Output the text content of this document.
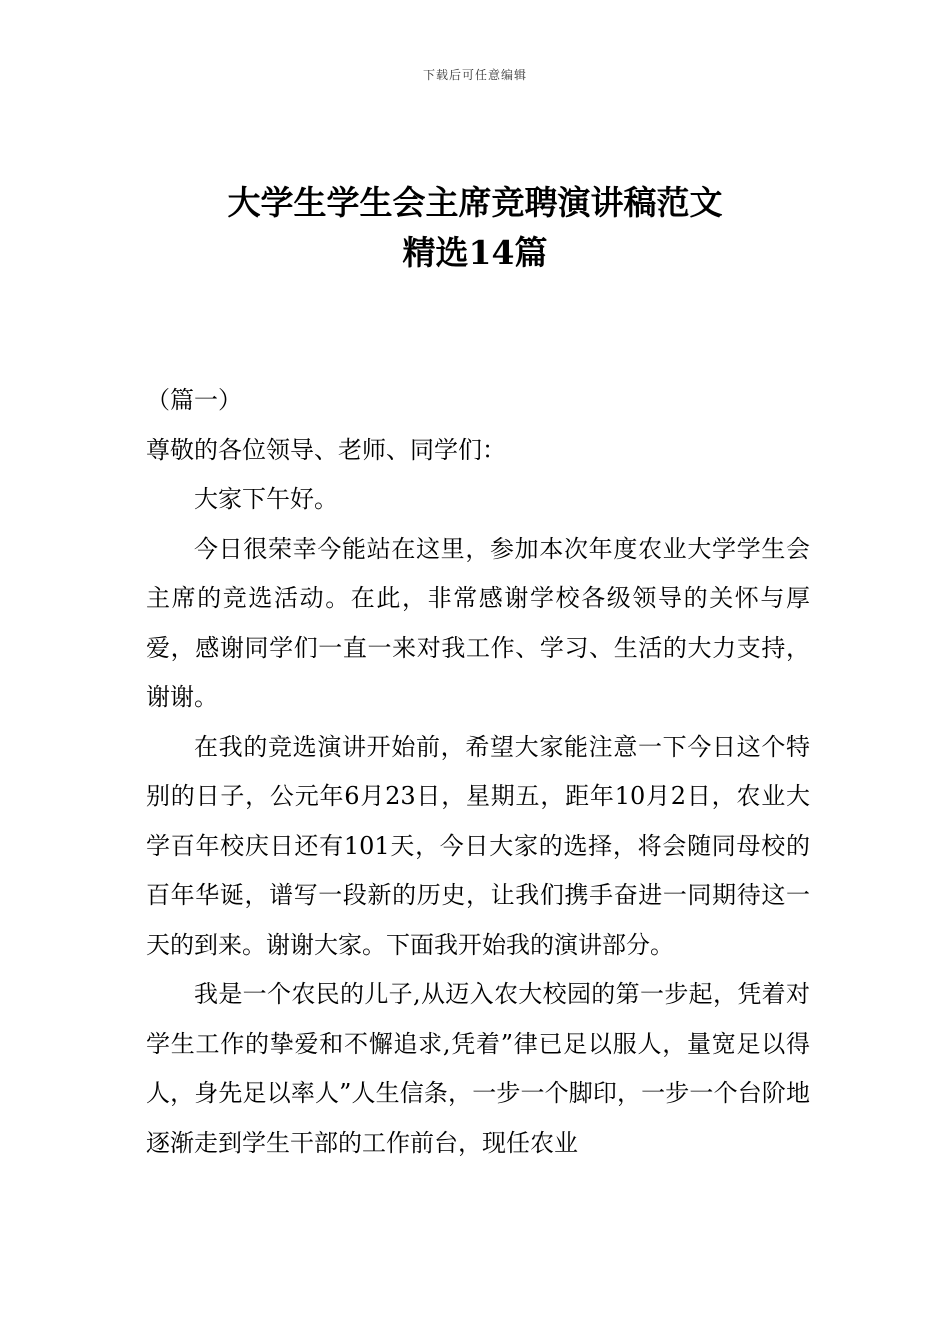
下载后可任意编辑
大学生学生会主席竞聘演讲稿范文
精选14篇

（篇一）

尊敬的各位领导、老师、同学们：

大家下午好。

今日很荣幸今能站在这里，参加本次年度农业大学学生会主席的竞选活动。在此，非常感谢学校各级领导的关怀与厚爱，感谢同学们一直一来对我工作、学习、生活的大力支持，谢谢。

在我的竞选演讲开始前，希望大家能注意一下今日这个特别的日子，公元年6月23日，星期五，距年10月2日，农业大学百年校庆日还有101天，今日大家的选择，将会随同母校的百年华诞，谱写一段新的历史，让我们携手奋进一同期待这一天的到来。谢谢大家。下面我开始我的演讲部分。

我是一个农民的儿子,从迈入农大校园的第一步起，凭着对学生工作的挚爱和不懈追求,凭着”律已足以服人，量宽足以得人，身先足以率人”人生信条，一步一个脚印，一步一个台阶地逐渐走到学生干部的工作前台，现任农业
